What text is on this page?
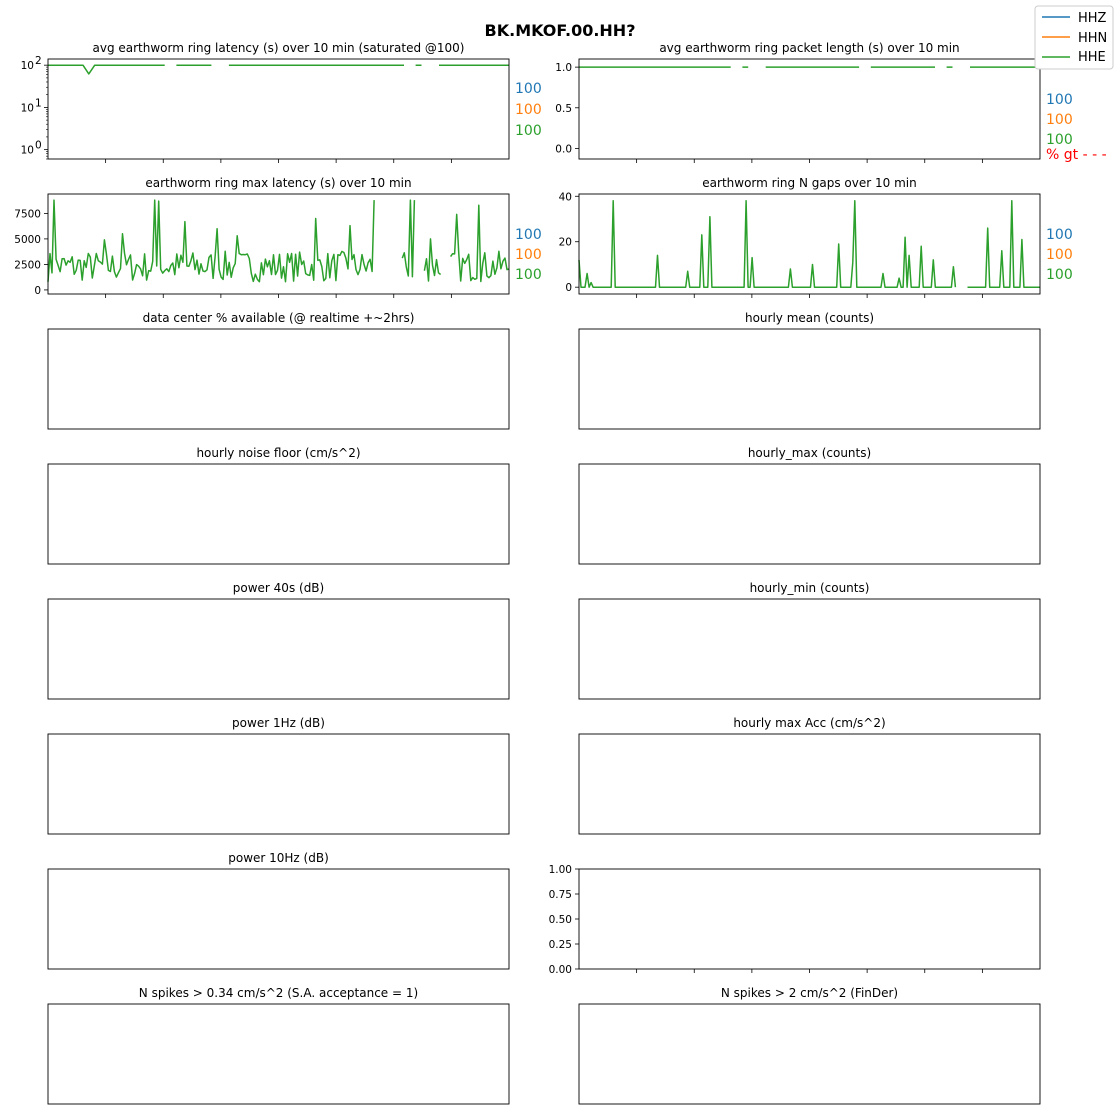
BK.MKOF.00.HH?
avg earthworm ring latency (s) over 10 min (saturated @100)
10 0
10 1
10 2
100
100
100
avg earthworm ring packet length (s) over 10 min
0.0
0.5
1.0
100
100
100
% gt - - -
earthworm ring max latency (s) over 10 min
0
2500
5000
7500
100
100
100
earthworm ring N gaps over 10 min
0
20
40
100
100
100
data center % available (@ realtime +~2hrs)	hourly mean (counts)
hourly noise floor (cm/s^2)	hourly_max (counts)
power 40s (dB)	hourly_min (counts)
power 1Hz (dB)	hourly max Acc (cm/s^2)
power 10Hz (dB)
0.00
0.25
0.50
0.75
1.00
N spikes > 0.34 cm/s^2 (S.A. acceptance = 1)	N spikes > 2 cm/s^2 (FinDer)
HHZ
HHN
HHE
